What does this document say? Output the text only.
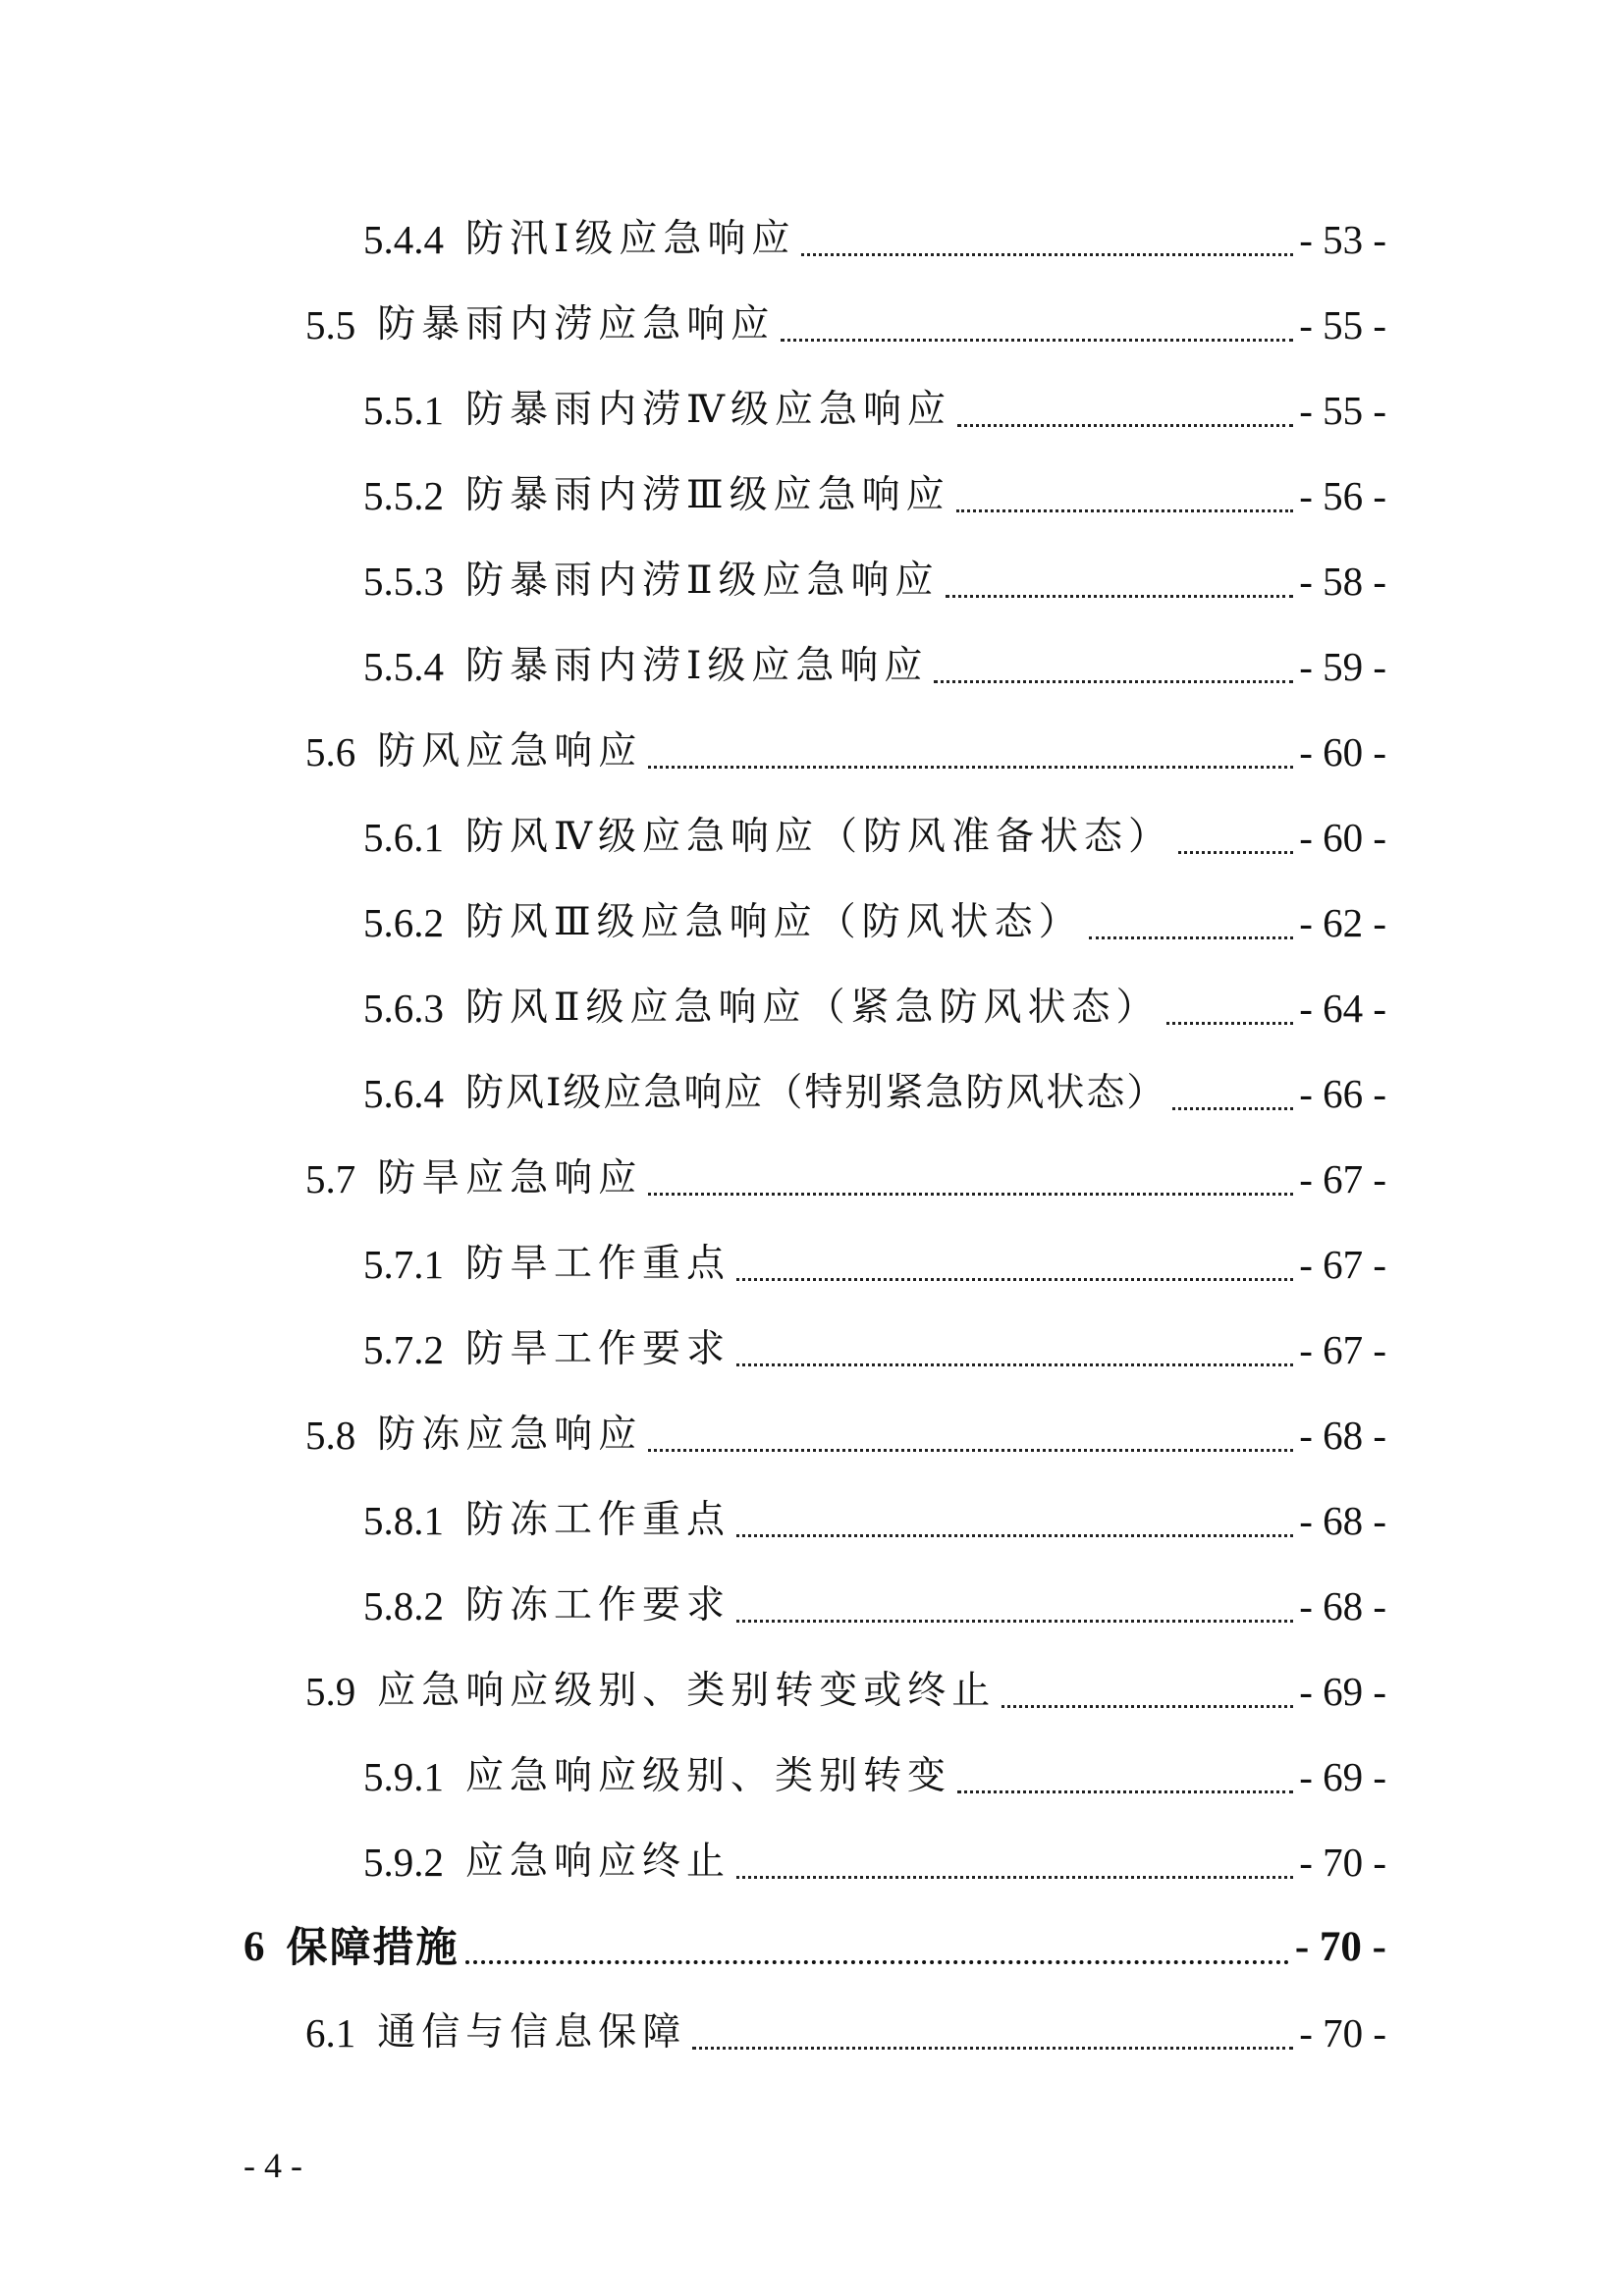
5.4.4 防汛Ⅰ级应急响应	- 53 -
5.5 防暴雨内涝应急响应	- 55 -
5.5.1 防暴雨内涝Ⅳ级应急响应	- 55 -
5.5.2 防暴雨内涝Ⅲ级应急响应	- 56 -
5.5.3 防暴雨内涝Ⅱ级应急响应	- 58 -
5.5.4 防暴雨内涝Ⅰ级应急响应	- 59 -
5.6 防风应急响应	- 60 -
5.6.1 防风Ⅳ级应急响应（防风准备状态）	- 60 -
5.6.2 防风Ⅲ级应急响应（防风状态）	- 62 -
5.6.3 防风Ⅱ级应急响应（紧急防风状态）	- 64 -
5.6.4 防风Ⅰ级应急响应（特别紧急防风状态）	- 66 -
5.7 防旱应急响应	- 67 -
5.7.1 防旱工作重点	- 67 -
5.7.2 防旱工作要求	- 67 -
5.8 防冻应急响应	- 68 -
5.8.1 防冻工作重点	- 68 -
5.8.2 防冻工作要求	- 68 -
5.9 应急响应级别、类别转变或终止	- 69 -
5.9.1 应急响应级别、类别转变	- 69 -
5.9.2 应急响应终止	- 70 -
6 保障措施	- 70 -
6.1 通信与信息保障	- 70 -
- 4 -
